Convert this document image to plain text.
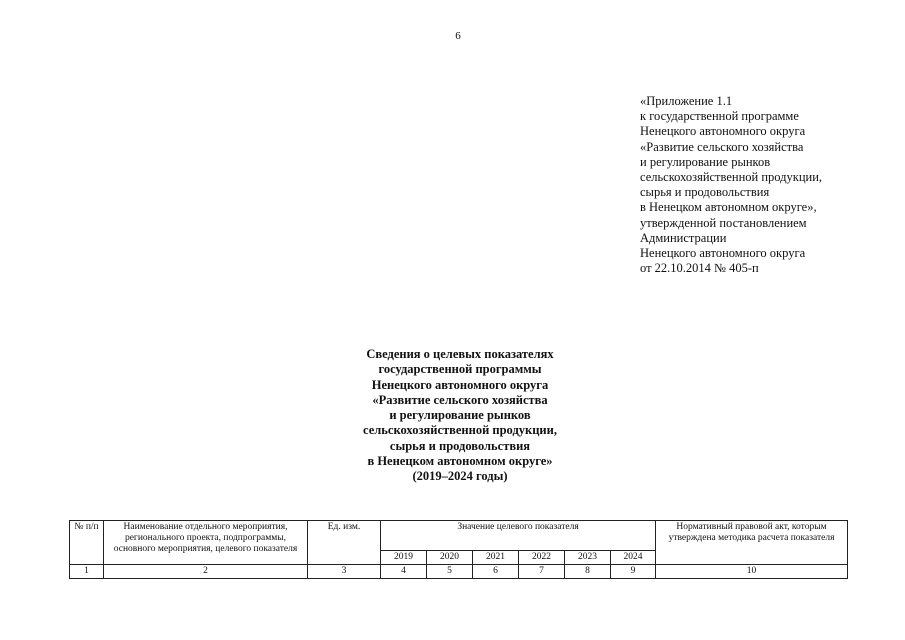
6
«Приложение 1.1
к государственной программе
Ненецкого автономного округа
«Развитие сельского хозяйства
и регулирование рынков
сельскохозяйственной продукции,
сырья и продовольствия
в Ненецком автономном округе»,
утвержденной постановлением
Администрации
Ненецкого автономного округа
от 22.10.2014 № 405-п
Сведения о целевых показателях
государственной программы
Ненецкого автономного округа
«Развитие сельского хозяйства
и регулирование рынков
сельскохозяйственной продукции,
сырья и продовольствия
в Ненецком автономном округе»
(2019–2024 годы)
№ п/п	Наименование отдельного мероприятия, регионального проекта, подпрограммы, основного мероприятия, целевого показателя	Ед. изм.	Значение целевого показателя						Нормативный правовой акт, которым утверждена методика расчета показателя
			2019	2020	2021	2022	2023	2024	
1	2	3	4	5	6	7	8	9	10
